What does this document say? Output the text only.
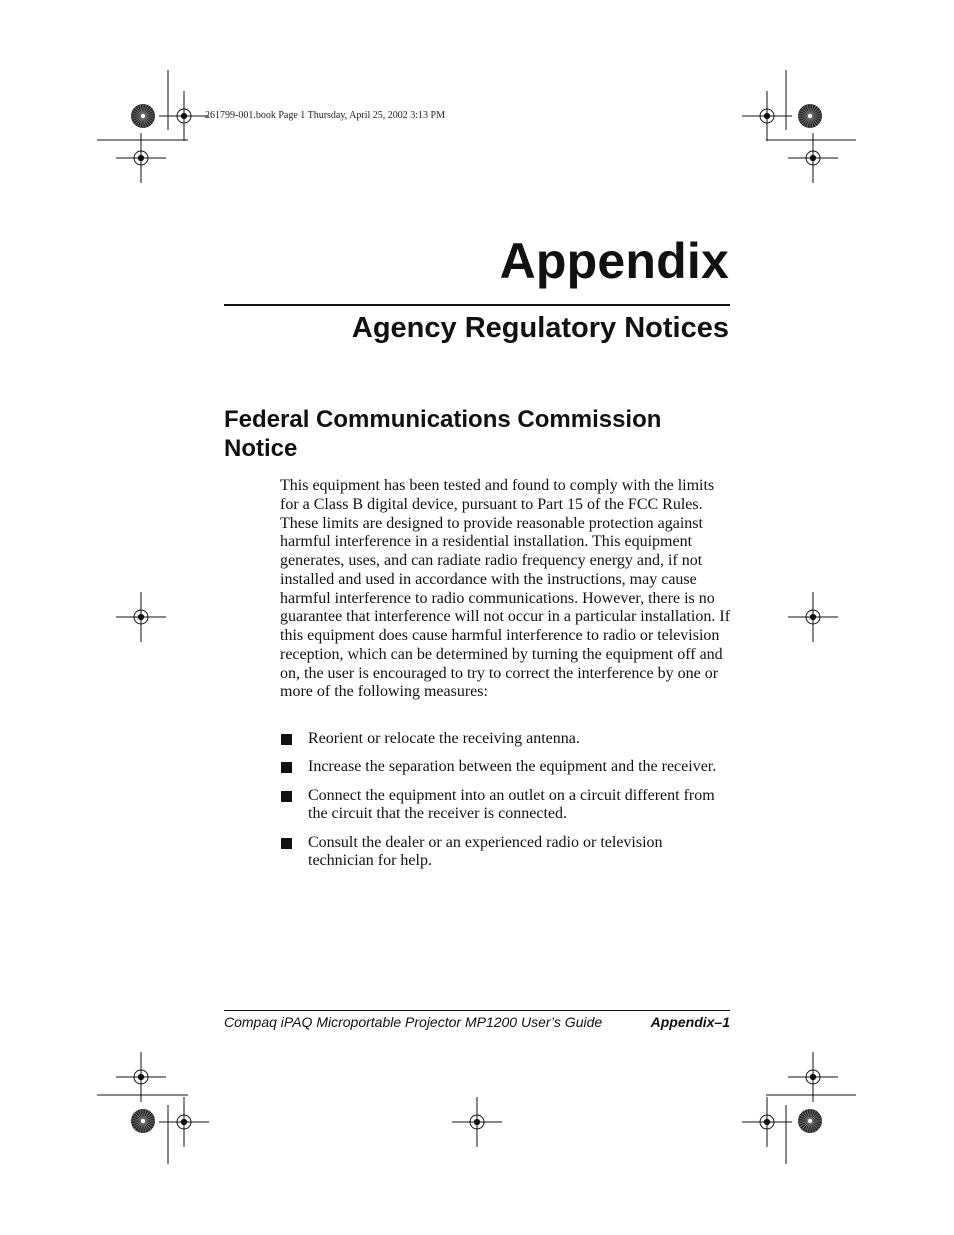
261799-001.book Page 1 Thursday, April 25, 2002 3:13 PM
Appendix
Agency Regulatory Notices
Federal Communications Commission Notice

This equipment has been tested and found to comply with the limits for a Class B digital device, pursuant to Part 15 of the FCC Rules. These limits are designed to provide reasonable protection against harmful interference in a residential installation. This equipment generates, uses, and can radiate radio frequency energy and, if not installed and used in accordance with the instructions, may cause harmful interference to radio communications. However, there is no guarantee that interference will not occur in a particular installation. If this equipment does cause harmful interference to radio or television reception, which can be determined by turning the equipment off and on, the user is encouraged to try to correct the interference by one or more of the following measures:

Reorient or relocate the receiving antenna.
Increase the separation between the equipment and the receiver.
Connect the equipment into an outlet on a circuit different from the circuit that the receiver is connected.
Consult the dealer or an experienced radio or television technician for help.
Compaq iPAQ Microportable Projector MP1200 User’s Guide	Appendix–1
